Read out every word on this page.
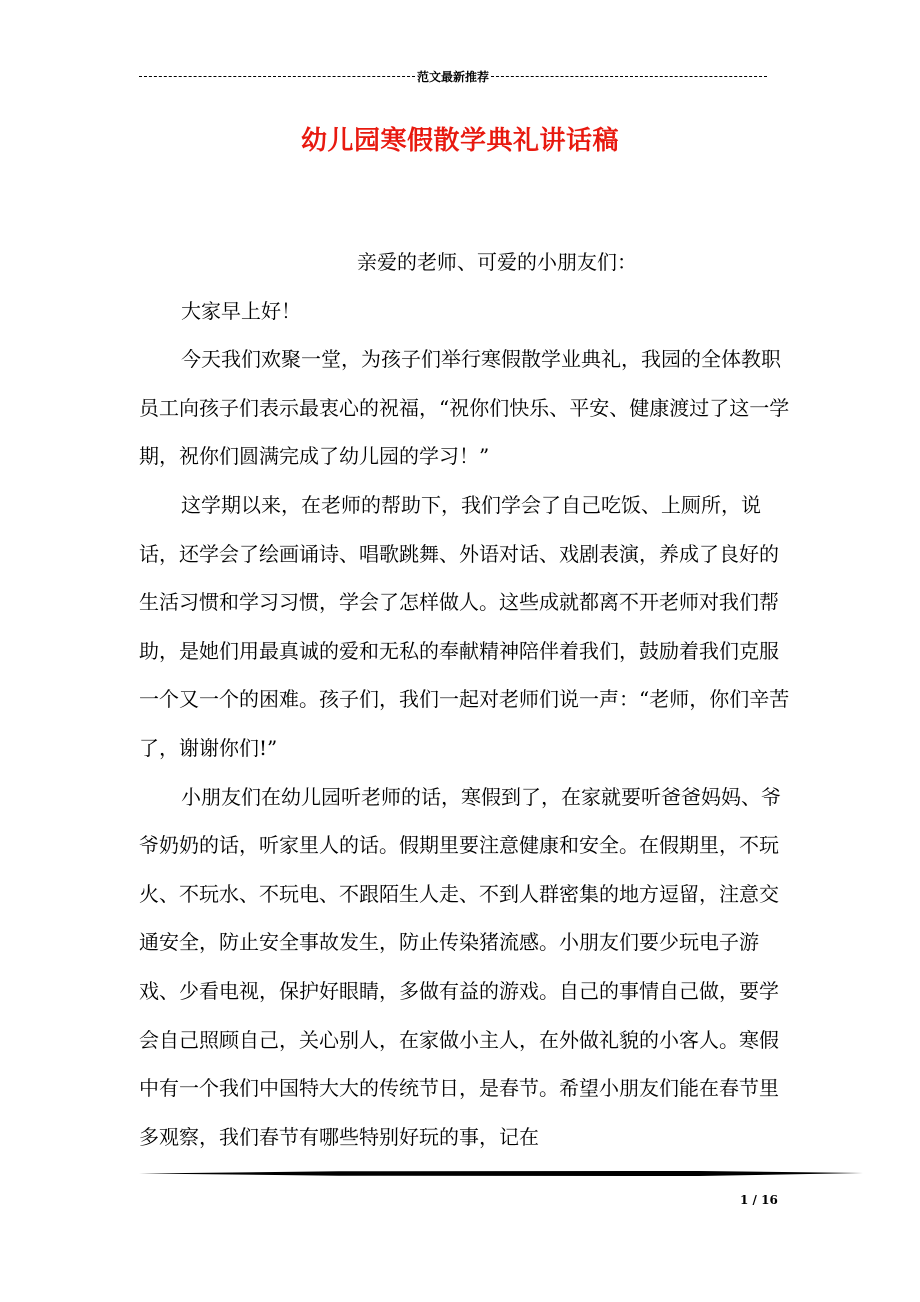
范文最新推荐
幼儿园寒假散学典礼讲话稿

亲爱的老师、可爱的小朋友们：

大家早上好！

今天我们欢聚一堂，为孩子们举行寒假散学业典礼，我园的全体教职员工向孩子们表示最衷心的祝福，“祝你们快乐、平安、健康渡过了这一学期，祝你们圆满完成了幼儿园的学习！”

这学期以来，在老师的帮助下，我们学会了自己吃饭、上厕所，说话，还学会了绘画诵诗、唱歌跳舞、外语对话、戏剧表演，养成了良好的生活习惯和学习习惯，学会了怎样做人。这些成就都离不开老师对我们帮助，是她们用最真诚的爱和无私的奉献精神陪伴着我们，鼓励着我们克服一个又一个的困难。孩子们，我们一起对老师们说一声：“老师，你们辛苦了，谢谢你们!”

小朋友们在幼儿园听老师的话，寒假到了，在家就要听爸爸妈妈、爷爷奶奶的话，听家里人的话。假期里要注意健康和安全。在假期里，不玩火、不玩水、不玩电、不跟陌生人走、不到人群密集的地方逗留，注意交通安全，防止安全事故发生，防止传染猪流感。小朋友们要少玩电子游戏、少看电视，保护好眼睛，多做有益的游戏。自己的事情自己做，要学会自己照顾自己，关心别人，在家做小主人，在外做礼貌的小客人。寒假中有一个我们中国特大大的传统节日，是春节。希望小朋友们能在春节里多观察，我们春节有哪些特别好玩的事，记在

1 / 16
